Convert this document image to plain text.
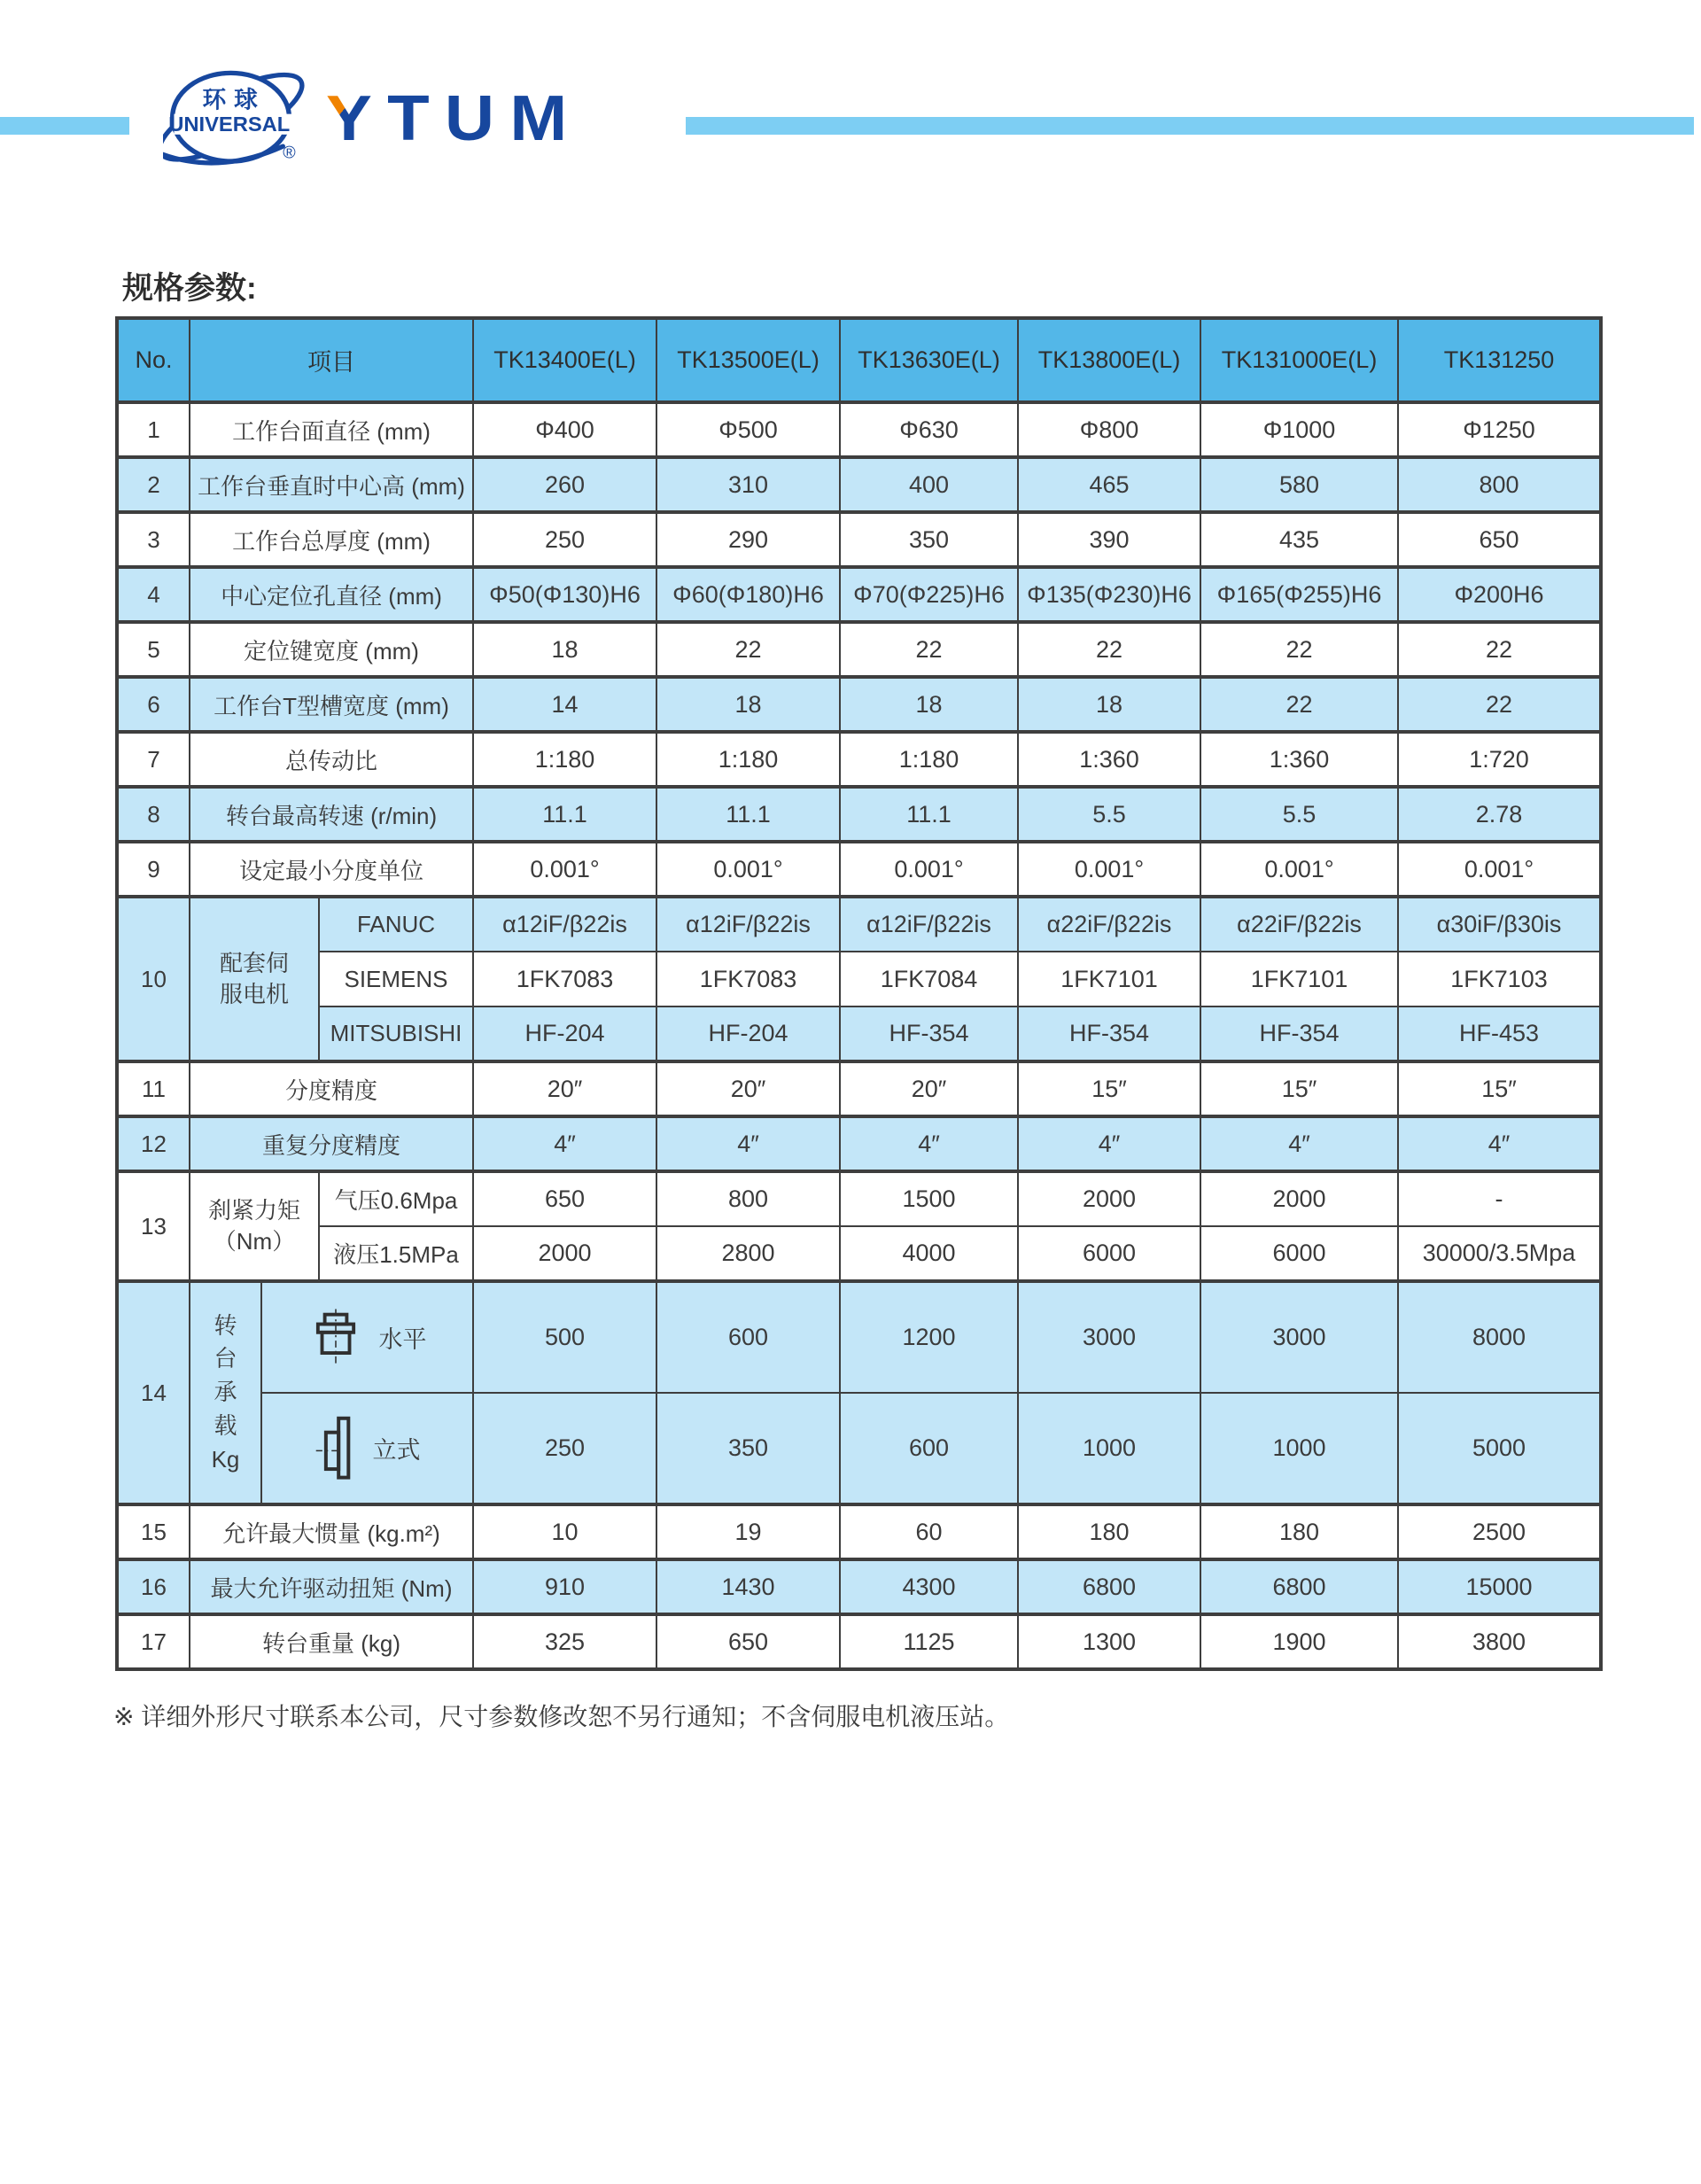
UNIVERSAL
环球
® YTUM
规格参数:
No.	项目			TK13400E(L)	TK13500E(L)	TK13630E(L)	TK13800E(L)	TK131000E(L)	TK131250
1	工作台面直径 (mm)			Φ400	Φ500	Φ630	Φ800	Φ1000	Φ1250
2	工作台垂直时中心高 (mm)			260	310	400	465	580	800
3	工作台总厚度 (mm)			250	290	350	390	435	650
4	中心定位孔直径 (mm)			Φ50(Φ130)H6	Φ60(Φ180)H6	Φ70(Φ225)H6	Φ135(Φ230)H6	Φ165(Φ255)H6	Φ200H6
5	定位键宽度 (mm)			18	22	22	22	22	22
6	工作台T型槽宽度 (mm)			14	18	18	18	22	22
7	总传动比			1:180	1:180	1:180	1:360	1:360	1:720
8	转台最高转速 (r/min)			11.1	11.1	11.1	5.5	5.5	2.78
9	设定最小分度单位			0.001°	0.001°	0.001°	0.001°	0.001°	0.001°
10	配套伺服电机		FANUC	α12iF/β22is	α12iF/β22is	α12iF/β22is	α22iF/β22is	α22iF/β22is	α30iF/β30is
			SIEMENS	1FK7083	1FK7083	1FK7084	1FK7101	1FK7101	1FK7103
			MITSUBISHI	HF-204	HF-204	HF-354	HF-354	HF-354	HF-453
11	分度精度			20″	20″	20″	15″	15″	15″
12	重复分度精度			4″	4″	4″	4″	4″	4″
13	刹紧力矩（Nm）		气压0.6Mpa	650	800	1500	2000	2000	-
			液压1.5MPa	2000	2800	4000	6000	6000	30000/3.5Mpa
14	转台承载Kg	水平		500	600	1200	3000	3000	8000

		立式		250	350	600	1000	1000	5000
15	允许最大惯量 (kg.m²)			10	19	60	180	180	2500
16	最大允许驱动扭矩 (Nm)			910	1430	4300	6800	6800	15000
17	转台重量 (kg)			325	650	1125	1300	1900	3800

※ 详细外形尺寸联系本公司，尺寸参数修改恕不另行通知；不含伺服电机液压站。
